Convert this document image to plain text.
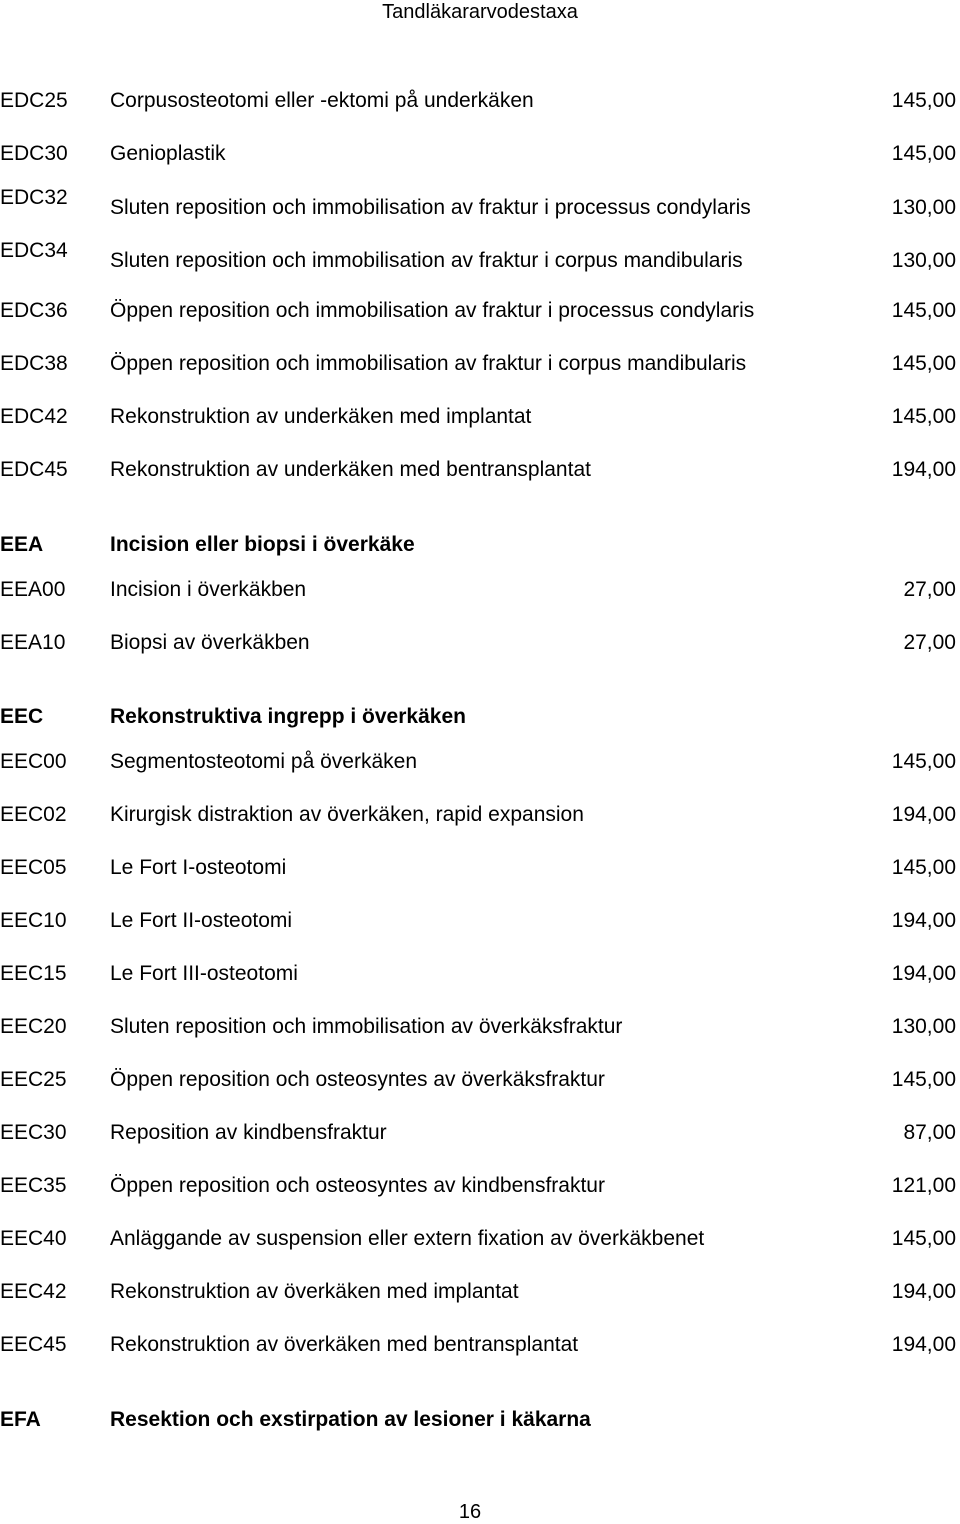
Tandläkararvodestaxa
EDC25 Corpusosteotomi eller -ektomi på underkäken	145,00
EDC30 Genioplastik	145,00
EDC32 Sluten reposition och immobilisation av fraktur i processus condylaris	130,00
EDC34 Sluten reposition och immobilisation av fraktur i corpus mandibularis	130,00
EDC36 Öppen reposition och immobilisation av fraktur i processus condylaris	145,00
EDC38 Öppen reposition och immobilisation av fraktur i corpus mandibularis	145,00
EDC42 Rekonstruktion av underkäken med implantat	145,00
EDC45 Rekonstruktion av underkäken med bentransplantat	194,00
EEA	Incision eller biopsi i överkäke
EEA00 Incision i överkäkben	27,00
EEA10 Biopsi av överkäkben	27,00
EEC	Rekonstruktiva ingrepp i överkäken
EEC00 Segmentosteotomi på överkäken	145,00
EEC02 Kirurgisk distraktion av överkäken, rapid expansion	194,00
EEC05 Le Fort I-osteotomi	145,00
EEC10 Le Fort II-osteotomi	194,00
EEC15 Le Fort III-osteotomi	194,00
EEC20 Sluten reposition och immobilisation av överkäksfraktur	130,00
EEC25 Öppen reposition och osteosyntes av överkäksfraktur	145,00
EEC30 Reposition av kindbensfraktur	87,00
EEC35 Öppen reposition och osteosyntes av kindbensfraktur	121,00
EEC40 Anläggande av suspension eller extern fixation av överkäkbenet	145,00
EEC42 Rekonstruktion av överkäken med implantat	194,00
EEC45 Rekonstruktion av överkäken med bentransplantat	194,00
EFA	Resektion och exstirpation av lesioner i käkarna
16
